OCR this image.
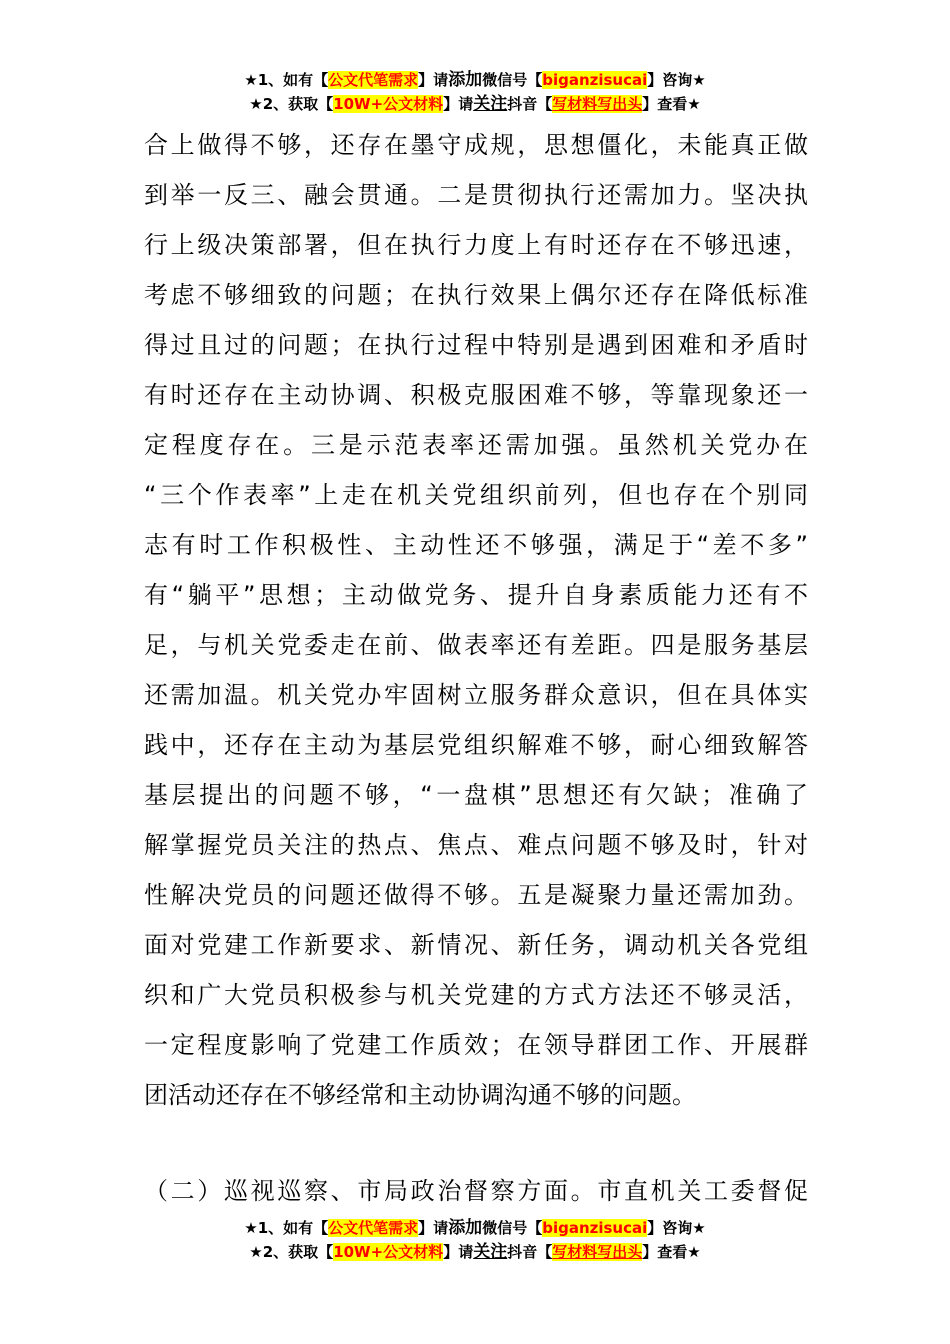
★1、如有【公文代笔需求】请添加微信号【biganzisucai】咨询★
★2、获取【10W+公文材料】请关注抖音【写材料写出头】查看★
合上做得不够，还存在墨守成规，思想僵化，未能真正做
到举一反三、融会贯通。二是贯彻执行还需加力。坚决执
行上级决策部署，但在执行力度上有时还存在不够迅速，
考虑不够细致的问题；在执行效果上偶尔还存在降低标准
得过且过的问题；在执行过程中特别是遇到困难和矛盾时
有时还存在主动协调、积极克服困难不够，等靠现象还一
定程度存在。三是示范表率还需加强。虽然机关党办在
“三个作表率”上走在机关党组织前列，但也存在个别同
志有时工作积极性、主动性还不够强，满足于“差不多”
有“躺平”思想；主动做党务、提升自身素质能力还有不
足，与机关党委走在前、做表率还有差距。四是服务基层
还需加温。机关党办牢固树立服务群众意识，但在具体实
践中，还存在主动为基层党组织解难不够，耐心细致解答
基层提出的问题不够，“一盘棋”思想还有欠缺；准确了
解掌握党员关注的热点、焦点、难点问题不够及时，针对
性解决党员的问题还做得不够。五是凝聚力量还需加劲。
面对党建工作新要求、新情况、新任务，调动机关各党组
织和广大党员积极参与机关党建的方式方法还不够灵活，
一定程度影响了党建工作质效；在领导群团工作、开展群
团活动还存在不够经常和主动协调沟通不够的问题。
（二）巡视巡察、市局政治督察方面。市直机关工委督促
★1、如有【公文代笔需求】请添加微信号【biganzisucai】咨询★
★2、获取【10W+公文材料】请关注抖音【写材料写出头】查看★
